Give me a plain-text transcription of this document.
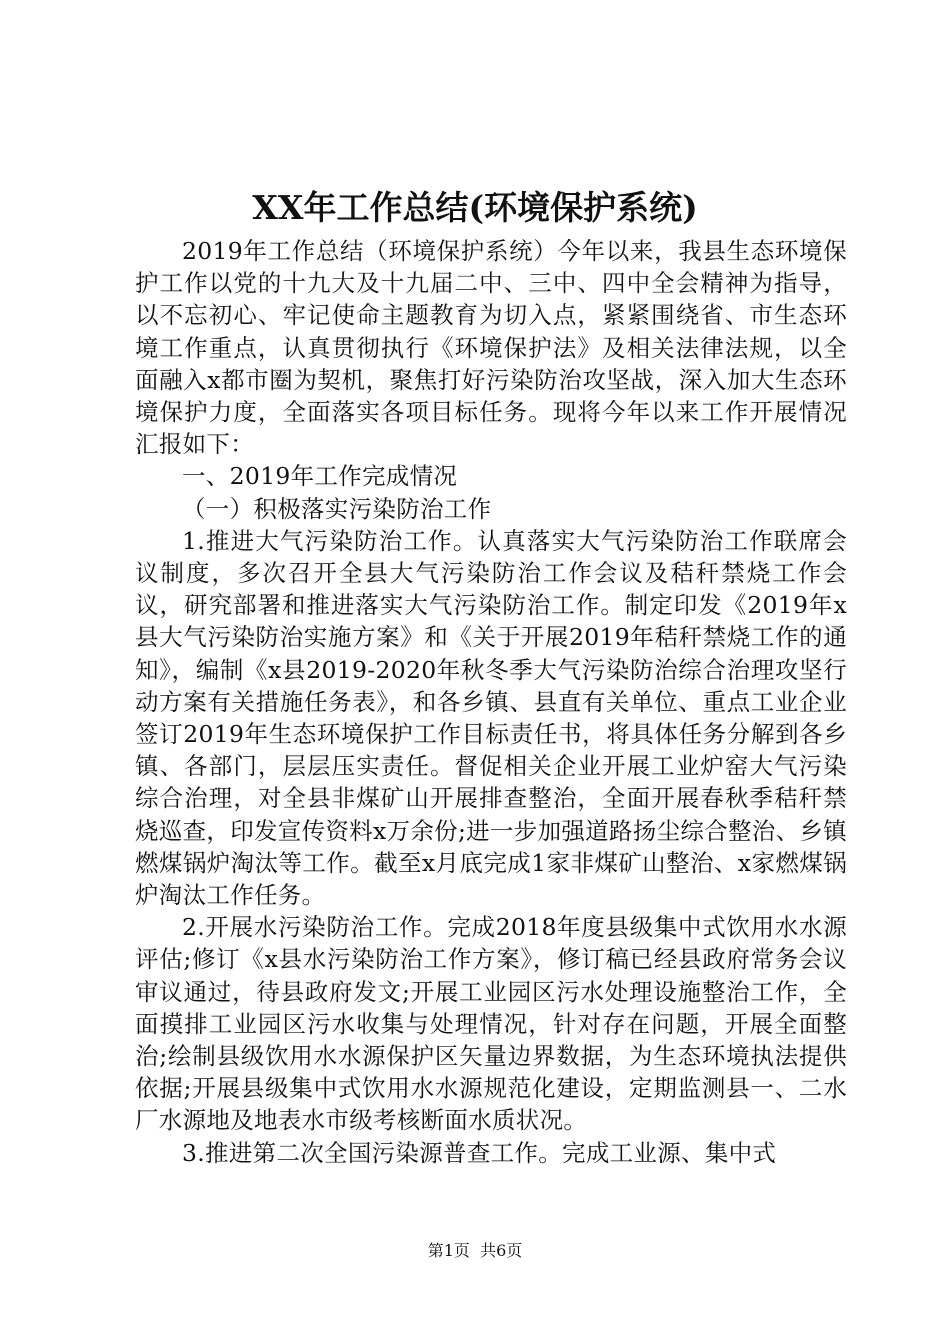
XX年工作总结(环境保护系统)

2019年工作总结（环境保护系统）今年以来，我县生态环境保护工作以党的十九大及十九届二中、三中、四中全会精神为指导，以不忘初心、牢记使命主题教育为切入点，紧紧围绕省、市生态环境工作重点，认真贯彻执行《环境保护法》及相关法律法规，以全面融入x都市圈为契机，聚焦打好污染防治攻坚战，深入加大生态环境保护力度，全面落实各项目标任务。现将今年以来工作开展情况汇报如下：

一、2019年工作完成情况

（一）积极落实污染防治工作

1.推进大气污染防治工作。认真落实大气污染防治工作联席会议制度，多次召开全县大气污染防治工作会议及秸秆禁烧工作会议，研究部署和推进落实大气污染防治工作。制定印发《2019年x县大气污染防治实施方案》和《关于开展2019年秸秆禁烧工作的通知》，编制《x县2019-2020年秋冬季大气污染防治综合治理攻坚行动方案有关措施任务表》，和各乡镇、县直有关单位、重点工业企业签订2019年生态环境保护工作目标责任书，将具体任务分解到各乡镇、各部门，层层压实责任。督促相关企业开展工业炉窑大气污染综合治理，对全县非煤矿山开展排查整治，全面开展春秋季秸秆禁烧巡查，印发宣传资料x万余份;进一步加强道路扬尘综合整治、乡镇燃煤锅炉淘汰等工作。截至x月底完成1家非煤矿山整治、x家燃煤锅炉淘汰工作任务。

2.开展水污染防治工作。完成2018年度县级集中式饮用水水源评估;修订《x县水污染防治工作方案》，修订稿已经县政府常务会议审议通过，待县政府发文;开展工业园区污水处理设施整治工作，全面摸排工业园区污水收集与处理情况，针对存在问题，开展全面整治;绘制县级饮用水水源保护区矢量边界数据，为生态环境执法提供依据;开展县级集中式饮用水水源规范化建设，定期监测县一、二水厂水源地及地表水市级考核断面水质状况。

3.推进第二次全国污染源普查工作。完成工业源、集中式

第1页  共6页
